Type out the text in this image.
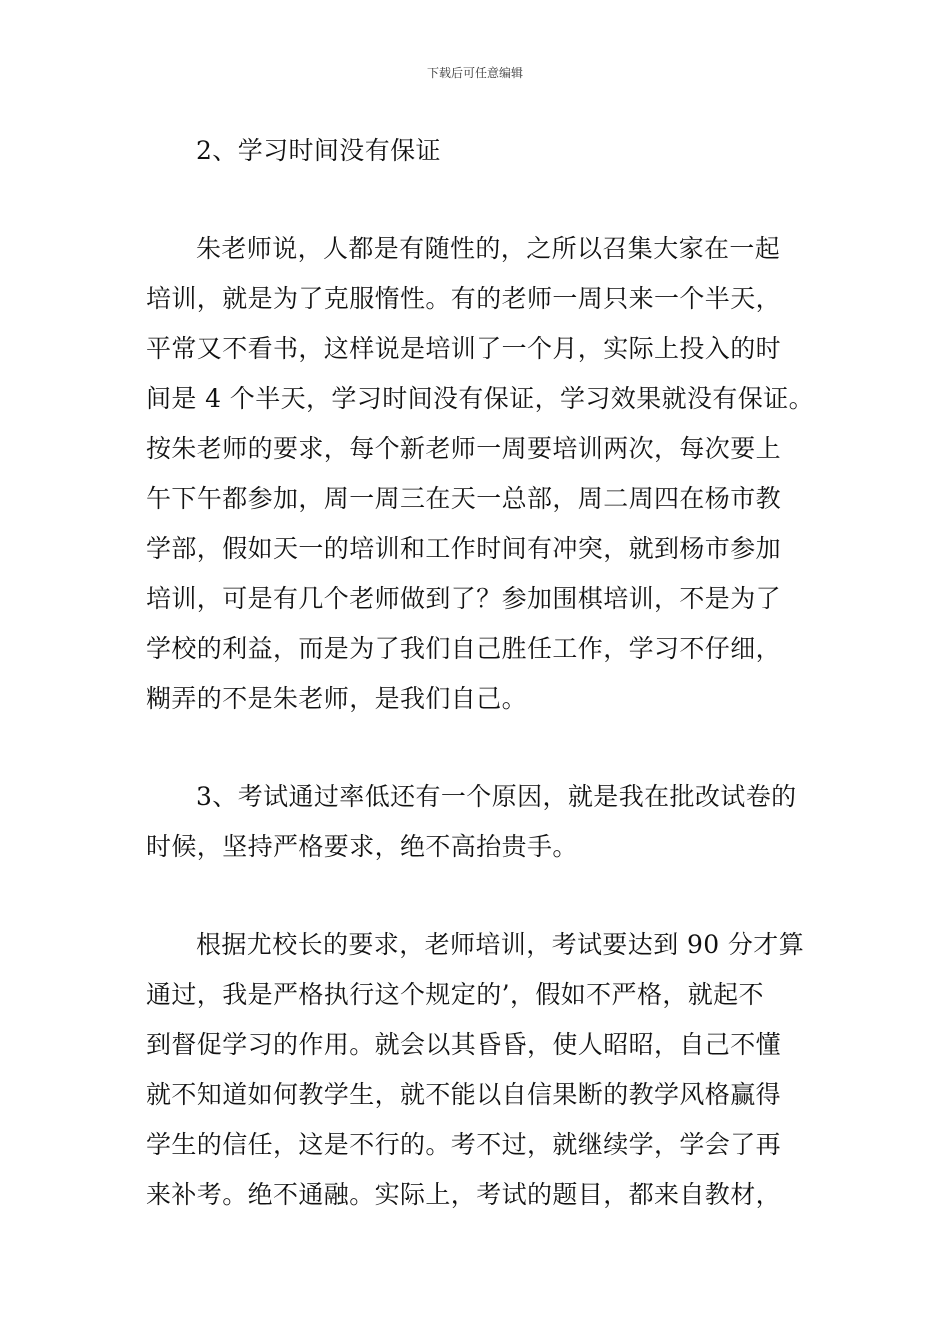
下载后可任意编辑
2、学习时间没有保证
朱老师说，人都是有随性的，之所以召集大家在一起
培训，就是为了克服惰性。有的老师一周只来一个半天，
平常又不看书，这样说是培训了一个月，实际上投入的时
间是 4 个半天，学习时间没有保证，学习效果就没有保证。
按朱老师的要求，每个新老师一周要培训两次，每次要上
午下午都参加，周一周三在天一总部，周二周四在杨市教
学部，假如天一的培训和工作时间有冲突，就到杨市参加
培训，可是有几个老师做到了？参加围棋培训，不是为了
学校的利益，而是为了我们自己胜任工作，学习不仔细，
糊弄的不是朱老师，是我们自己。
3、考试通过率低还有一个原因，就是我在批改试卷的
时候，坚持严格要求，绝不高抬贵手。
根据尤校长的要求，老师培训，考试要达到 90 分才算
通过，我是严格执行这个规定的’，假如不严格，就起不
到督促学习的作用。就会以其昏昏，使人昭昭，自己不懂
就不知道如何教学生，就不能以自信果断的教学风格赢得
学生的信任，这是不行的。考不过，就继续学，学会了再
来补考。绝不通融。实际上，考试的题目，都来自教材，
